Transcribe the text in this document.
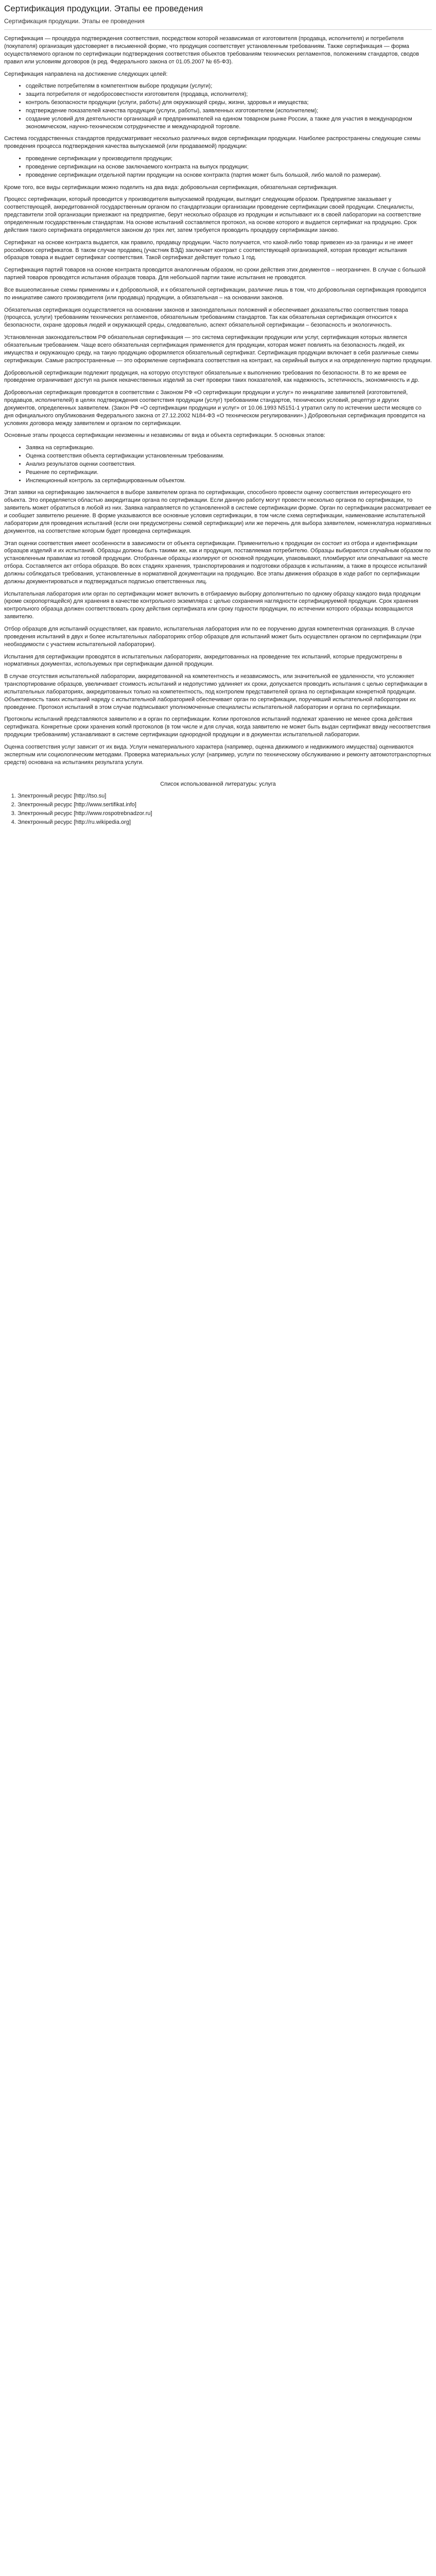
Сертификация продукции. Этапы ее проведения
Сертификация продукции. Этапы ее проведения

Сертификация — процедура подтверждения соответствия, посредством которой независимая от изготовителя (продавца, исполнителя) и потребителя (покупателя) организация удостоверяет в письменной форме, что продукция соответствует установленным требованиям. Также сертификация — форма осуществляемого органом по сертификации подтверждения соответствия объектов требованиям технических регламентов, положениям стандартов, сводов правил или условиям договоров (в ред. Федерального закона от 01.05.2007 № 65-ФЗ).

Сертификация направлена на достижение следующих целей:

• содействие потребителям в компетентном выборе продукции (услуги);
• защита потребителя от недобросовестности изготовителя (продавца, исполнителя);
• контроль безопасности продукции (услуги, работы) для окружающей среды, жизни, здоровья и имущества;
• подтверждение показателей качества продукции (услуги, работы), заявленных изготовителем (исполнителем);
• создание условий для деятельности организаций и предпринимателей на едином товарном рынке России, а также для участия в международном экономическом, научно-техническом сотрудничестве и международной торговле.

Система государственных стандартов предусматривает несколько различных видов сертификации продукции. Наиболее распространены следующие схемы проведения процесса подтверждения качества выпускаемой (или продаваемой) продукции:

• проведение сертификации у производителя продукции;
• проведение сертификации на основе заключаемого контракта на выпуск продукции;
• проведение сертификации отдельной партии продукции на основе контракта (партия может быть большой, либо малой по размерам).

Кроме того, все виды сертификации можно поделить на два вида: добровольная сертификация, обязательная сертификация.

Процесс сертификации, который проводится у производителя выпускаемой продукции, выглядит следующим образом. Предприятие заказывает у соответствующей, аккредитованной государственным органом по стандартизации организации проведение сертификации своей продукции. Специалисты, представители этой организации приезжают на предприятие, берут несколько образцов из продукции и испытывают их в своей лаборатории на соответствие определенным государственным стандартам. На основе испытаний составляется протокол, на основе которого и выдается сертификат на продукцию. Срок действия такого сертификата определяется законом до трех лет, затем требуется проводить процедуру сертификации заново.

Сертификат на основе контракта выдается, как правило, продавцу продукции. Часто получается, что какой-либо товар привезен из-за границы и не имеет российских сертификатов. В таком случае продавец (участник ВЭД) заключает контракт с соответствующей организацией, которая проводит испытания образцов товара и выдает сертификат соответствия. Такой сертификат действует только 1 год.

Сертификация партий товаров на основе контракта проводится аналогичным образом, но сроки действия этих документов – неограничен. В случае с большой партией товаров проводятся испытания образцов товара. Для небольшой партии такие испытания не проводятся.

Все вышеописанные схемы применимы и к добровольной, и к обязательной сертификации, различие лишь в том, что добровольная сертификация проводится по инициативе самого производителя (или продавца) продукции, а обязательная – на основании законов.

Обязательная сертификация осуществляется на основании законов и законодательных положений и обеспечивает доказательство соответствия товара (процесса, услуги) требованиям технических регламентов, обязательным требованиям стандартов. Так как обязательная сертификация относится к безопасности, охране здоровья людей и окружающей среды, следовательно, аспект обязательной сертификации – безопасность и экологичность.

Установленная законодательством РФ обязательная сертификация — это система сертификации продукции или услуг, сертификация которых является обязательным требованием. Чаще всего обязательная сертификация применяется для продукции, которая может повлиять на безопасность людей, их имущества и окружающую среду, на такую продукцию оформляется обязательный сертификат. Сертификация продукции включает в себя различные схемы сертификации. Самые распространенные — это оформление сертификата соответствия на контракт, на серийный выпуск и на определенную партию продукции.

Добровольной сертификации подлежит продукция, на которую отсутствуют обязательные к выполнению требования по безопасности. В то же время ее проведение ограничивает доступ на рынок некачественных изделий за счет проверки таких показателей, как надежность, эстетичность, экономичность и др.

Добровольная сертификация проводится в соответствии с Законом РФ «О сертификации продукции и услуг» по инициативе заявителей (изготовителей, продавцов, исполнителей) в целях подтверждения соответствия продукции (услуг) требованиям стандартов, технических условий, рецептур и других документов, определенных заявителем. (Закон РФ «О сертификации продукции и услуг» от 10.06.1993 N5151-1 утратил силу по истечении шести месяцев со дня официального опубликования Федерального закона от 27.12.2002 N184-ФЗ «О техническом регулировании».) Добровольная сертификация проводится на условиях договора между заявителем и органом по сертификации.

Основные этапы процесса сертификации неизменны и независимы от вида и объекта сертификации. 5 основных этапов:

• Заявка на сертификацию.
• Оценка соответствия объекта сертификации установленным требованиям.
• Анализ результатов оценки соответствия.
• Решение по сертификации.
• Инспекционный контроль за сертифицированным объектом.

Этап заявки на сертификацию заключается в выборе заявителем органа по сертификации, способного провести оценку соответствия интересующего его объекта. Это определяется областью аккредитации органа по сертификации. Если данную работу могут провести несколько органов по сертификации, то заявитель может обратиться в любой из них. Заявка направляется по установленной в системе сертификации форме. Орган по сертификации рассматривает ее и сообщает заявителю решение. В форме указываются все основные условия сертификации, в том числе схема сертификации, наименование испытательной лаборатории для проведения испытаний (если они предусмотрены схемой сертификации) или же перечень для выбора заявителем, номенклатура нормативных документов, на соответствие которым будет проведена сертификация.

Этап оценки соответствия имеет особенности в зависимости от объекта сертификации. Применительно к продукции он состоит из отбора и идентификации образцов изделий и их испытаний. Образцы должны быть такими же, как и продукция, поставляемая потребителю. Образцы выбираются случайным образом по установленным правилам из готовой продукции. Отобранные образцы изолируют от основной продукции, упаковывают, пломбируют или опечатывают на месте отбора. Составляется акт отбора образцов. Во всех стадиях хранения, транспортирования и подготовки образцов к испытаниям, а также в процессе испытаний должны соблюдаться требования, установленные в нормативной документации на продукцию. Все этапы движения образцов в ходе работ по сертификации должны документироваться и подтверждаться подписью ответственных лиц.

Испытательная лаборатория или орган по сертификации может включить в отбираемую выборку дополнительно по одному образцу каждого вида продукции (кроме скоропортящейся) для хранения в качестве контрольного экземпляра с целью сохранения наглядности сертифицируемой продукции. Срок хранения контрольного образца должен соответствовать сроку действия сертификата или сроку годности продукции, по истечении которого образцы возвращаются заявителю.

Отбор образцов для испытаний осуществляет, как правило, испытательная лаборатория или по ее поручению другая компетентная организация. В случае проведения испытаний в двух и более испытательных лабораториях отбор образцов для испытаний может быть осуществлен органом по сертификации (при необходимости с участием испытательной лаборатории).

Испытания для сертификации проводятся в испытательных лабораториях, аккредитованных на проведение тех испытаний, которые предусмотрены в нормативных документах, используемых при сертификации данной продукции.

В случае отсутствия испытательной лаборатории, аккредитованной на компетентность и независимость, или значительной ее удаленности, что усложняет транспортирование образцов, увеличивает стоимость испытаний и недопустимо удлиняет их сроки, допускается проводить испытания с целью сертификации в испытательных лабораториях, аккредитованных только на компетентность, под контролем представителей органа по сертификации конкретной продукции. Объективность таких испытаний наряду с испытательной лабораторией обеспечивает орган по сертификации, поручивший испытательной лаборатории их проведение. Протокол испытаний в этом случае подписывают уполномоченные специалисты испытательной лаборатории и органа по сертификации.

Протоколы испытаний представляются заявителю и в орган по сертификации. Копии протоколов испытаний подлежат хранению не менее срока действия сертификата. Конкретные сроки хранения копий протоколов (в том числе и для случая, когда заявителю не может быть выдан сертификат ввиду несоответствия продукции требованиям) устанавливают в системе сертификации однородной продукции и в документах испытательной лаборатории.

Оценка соответствия услуг зависит от их вида. Услуги нематериального характера (например, оценка движимого и недвижимого имущества) оцениваются экспертным или социологическим методами. Проверка материальных услуг (например, услуги по техническому обслуживанию и ремонту автомототранспортных средств) основана на испытаниях результата услуги.

Список использованной литературы: услуга
1. Электронный ресурс [http://tso.su]
2. Электронный ресурс [http://www.sertifikat.info]
3. Электронный ресурс [http://www.rospotrebnadzor.ru]
4. Электронный ресурс [http://ru.wikipedia.org]
